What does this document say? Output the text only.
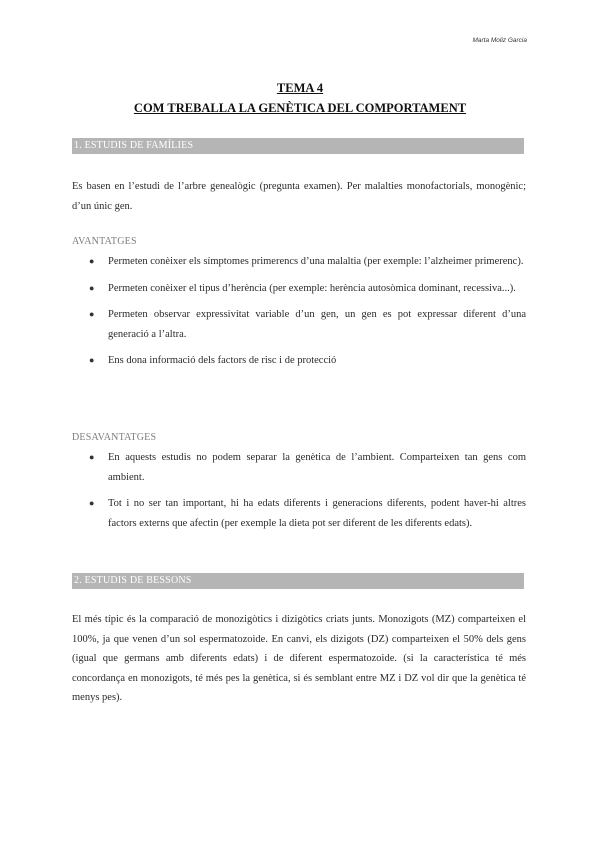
Marta Moliz Garcia
TEMA 4
COM TREBALLA LA GENÈTICA DEL COMPORTAMENT
1. ESTUDIS DE FAMÍLIES
Es basen en l’estudi de l’arbre genealògic (pregunta examen). Per malalties monofactorials, monogènic; d’un únic gen.
AVANTATGES
● Permeten conèixer els símptomes primerencs d’una malaltia (per exemple: l’alzheimer primerenc).
● Permeten conèixer el tipus d’herència (per exemple: herència autosòmica dominant, recessiva...).
● Permeten observar expressivitat variable d’un gen, un gen es pot expressar diferent d’una generació a l’altra.
● Ens dona informació dels factors de risc i de protecció
DESAVANTATGES
● En aquests estudis no podem separar la genètica de l’ambient. Comparteixen tan gens com ambient.
● Tot i no ser tan important, hi ha edats diferents i generacions diferents, podent haver-hi altres factors externs que afectin (per exemple la dieta pot ser diferent de les diferents edats).
2. ESTUDIS DE BESSONS
El més típic és la comparació de monozigòtics i dizigòtics criats junts. Monozigots (MZ) comparteixen el 100%, ja que venen d’un sol espermatozoide. En canvi, els dizigots (DZ) comparteixen el 50% dels gens (igual que germans amb diferents edats) i de diferent espermatozoide. (si la característica té més concordança en monozigots, té més pes la genètica, si és semblant entre MZ i DZ vol dir que la genètica té menys pes).
